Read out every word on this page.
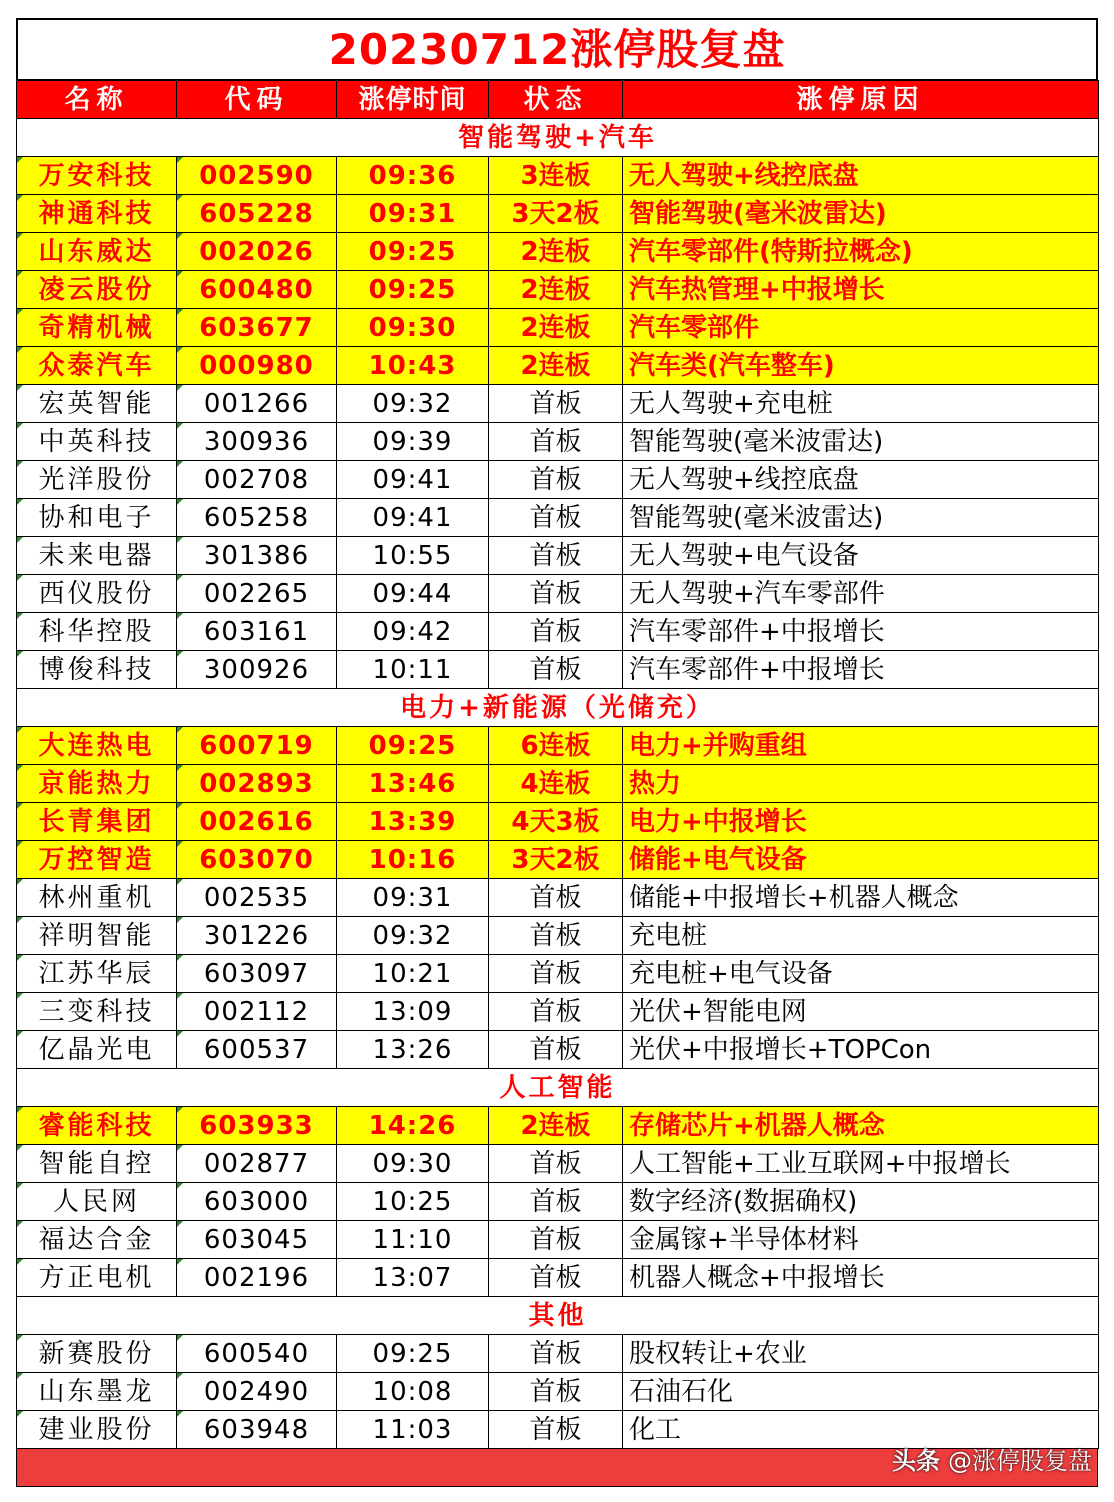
20230712涨停股复盘
名称	代码	涨停时间	状态	涨停原因
智能驾驶+汽车				
万安科技	002590	09:36	3连板	无人驾驶+线控底盘
神通科技	605228	09:31	3天2板	智能驾驶(毫米波雷达)
山东威达	002026	09:25	2连板	汽车零部件(特斯拉概念)
凌云股份	600480	09:25	2连板	汽车热管理+中报增长
奇精机械	603677	09:30	2连板	汽车零部件
众泰汽车	000980	10:43	2连板	汽车类(汽车整车)
宏英智能	001266	09:32	首板	无人驾驶+充电桩
中英科技	300936	09:39	首板	智能驾驶(毫米波雷达)
光洋股份	002708	09:41	首板	无人驾驶+线控底盘
协和电子	605258	09:41	首板	智能驾驶(毫米波雷达)
未来电器	301386	10:55	首板	无人驾驶+电气设备
西仪股份	002265	09:44	首板	无人驾驶+汽车零部件
科华控股	603161	09:42	首板	汽车零部件+中报增长
博俊科技	300926	10:11	首板	汽车零部件+中报增长
电力+新能源（光储充）				
大连热电	600719	09:25	6连板	电力+并购重组
京能热力	002893	13:46	4连板	热力
长青集团	002616	13:39	4天3板	电力+中报增长
万控智造	603070	10:16	3天2板	储能+电气设备
林州重机	002535	09:31	首板	储能+中报增长+机器人概念
祥明智能	301226	09:32	首板	充电桩
江苏华辰	603097	10:21	首板	充电桩+电气设备
三变科技	002112	13:09	首板	光伏+智能电网
亿晶光电	600537	13:26	首板	光伏+中报增长+TOPCon
人工智能				
睿能科技	603933	14:26	2连板	存储芯片+机器人概念
智能自控	002877	09:30	首板	人工智能+工业互联网+中报增长
人民网	603000	10:25	首板	数字经济(数据确权)
福达合金	603045	11:10	首板	金属镓+半导体材料
方正电机	002196	13:07	首板	机器人概念+中报增长
其他				
新赛股份	600540	09:25	首板	股权转让+农业
山东墨龙	002490	10:08	首板	石油石化
建业股份	603948	11:03	首板	化工
头条 @涨停股复盘
